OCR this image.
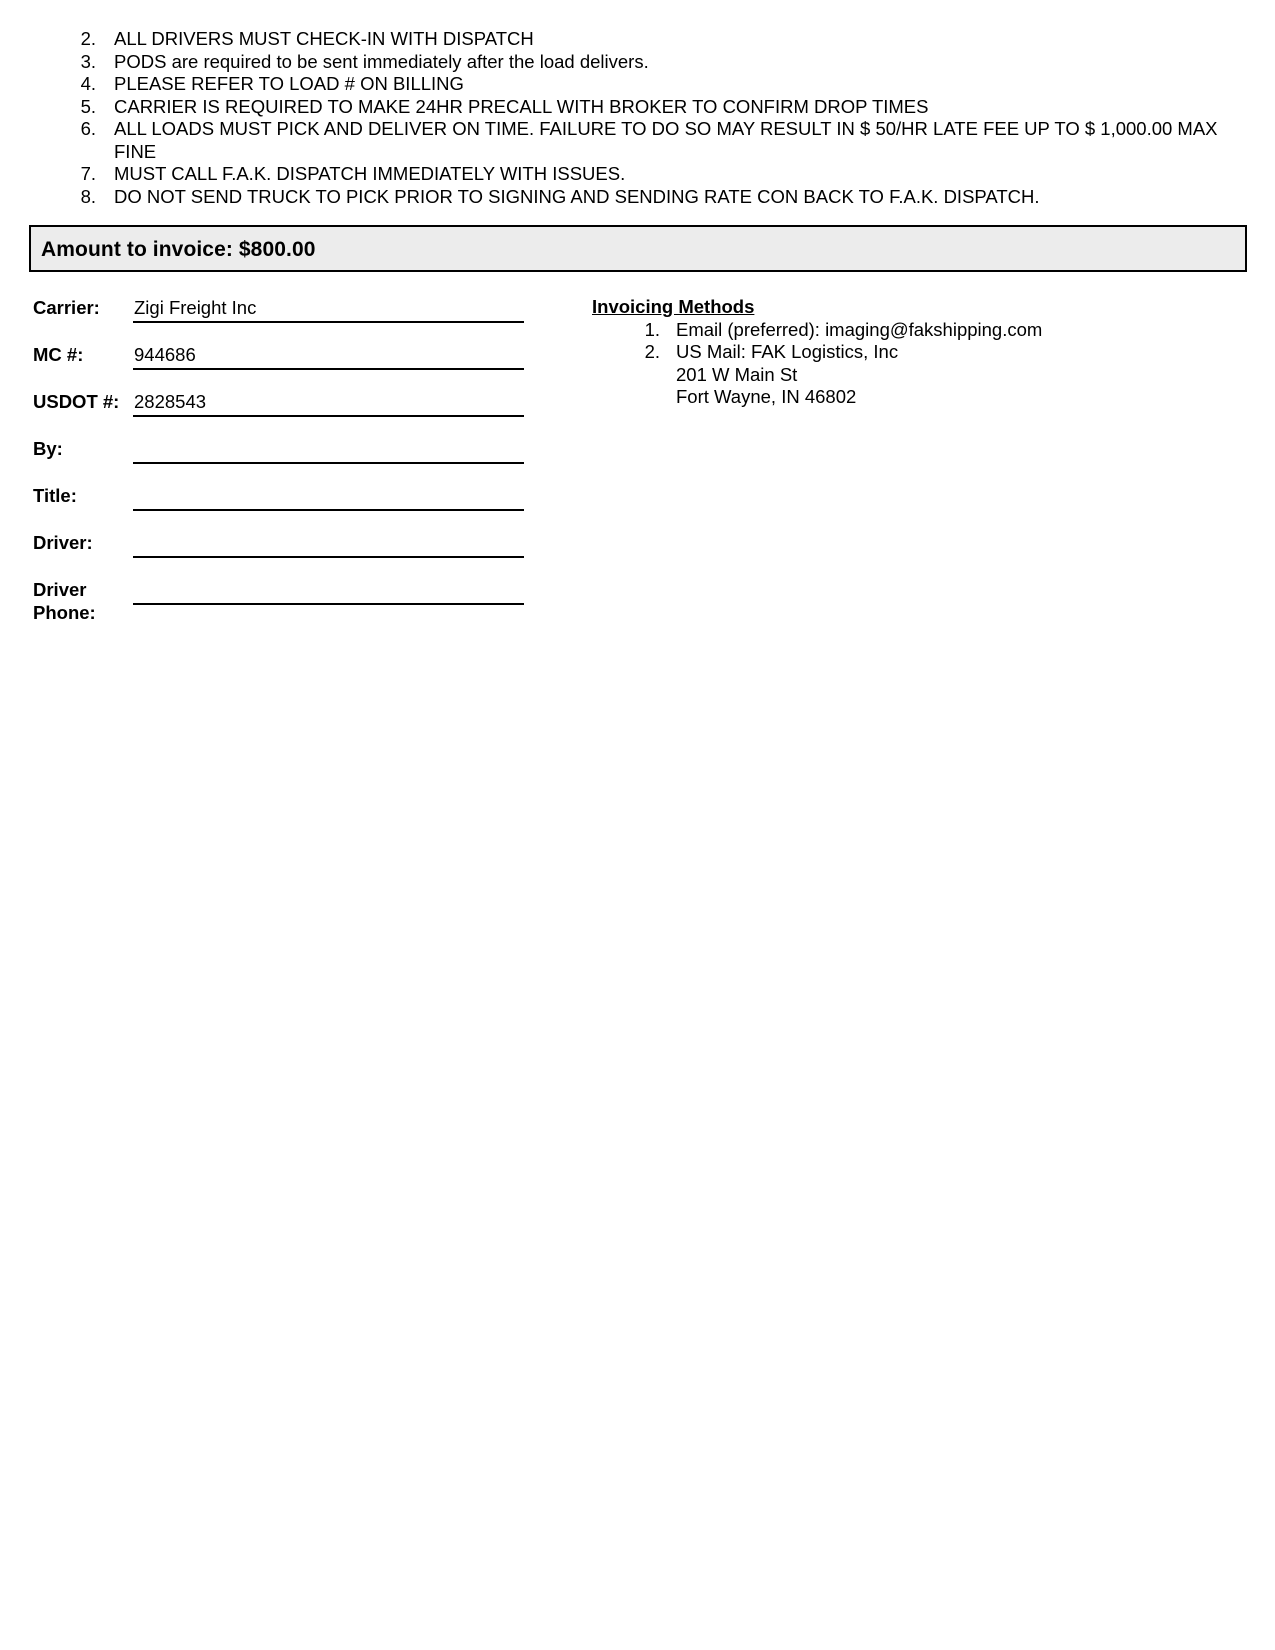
2. ALL DRIVERS MUST CHECK-IN WITH DISPATCH
3. PODS are required to be sent immediately after the load delivers.
4. PLEASE REFER TO LOAD # ON BILLING
5. CARRIER IS REQUIRED TO MAKE 24HR PRECALL WITH BROKER TO CONFIRM DROP TIMES
6. ALL LOADS MUST PICK AND DELIVER ON TIME. FAILURE TO DO SO MAY RESULT IN $ 50/HR LATE FEE UP TO $ 1,000.00 MAX FINE
7. MUST CALL F.A.K. DISPATCH IMMEDIATELY WITH ISSUES.
8. DO NOT SEND TRUCK TO PICK PRIOR TO SIGNING AND SENDING RATE CON BACK TO F.A.K. DISPATCH.
Amount to invoice: $800.00
Carrier:	Zigi Freight Inc
MC #:	944686
USDOT #: 2828543
By:
Title:
Driver:
Driver
Phone:
Invoicing Methods
1. Email (preferred): imaging@fakshipping.com
2. US Mail: FAK Logistics, Inc
201 W Main St
Fort Wayne, IN 46802
